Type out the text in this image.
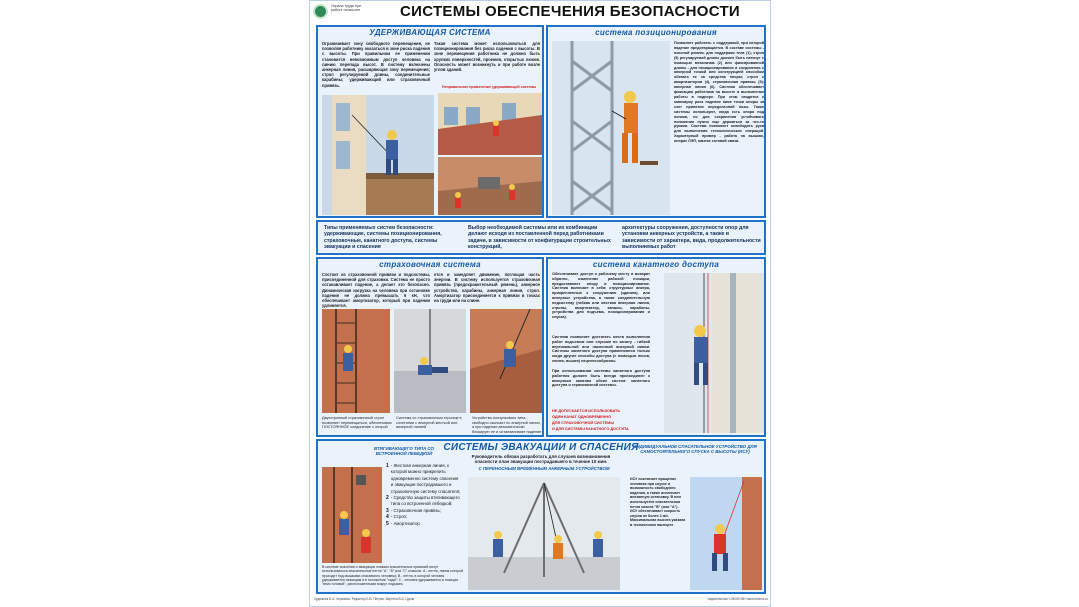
Охрана труда при работе на высоте	СИСТЕМЫ ОБЕСПЕЧЕНИЯ БЕЗОПАСНОСТИ
УДЕРЖИВАЮЩАЯ СИСТЕМА
Ограничивает зону свободного перемещения, не позволяя работнику оказаться в зоне риска падения с высоты. При правильном ее применении становится невозможным доступ человека на линию перепада высот. В систему включены анкерная линия, расширяющая зону перемещения; строп регулируемой длины, соединительные карабины; удерживающий или страховочный привязь.
Такая система может использоваться для позиционирования без риска падения с высоты. В зоне перемещения работника не должно быть хрупких поверхностей, проемов, открытых люков. Опасность может возникнуть и при работе возле углов зданий.
Неправильное применение удерживающей системы
система позиционирования
Позволяет работать с поддержкой, при которой падение предотвращается. В составе системы - поясной ремень для поддержки тела (1); строп (5) регулируемой длины должен быть натянут с помощью механизма (2) или фиксированной длины - для позиционирования и соединения с анкерной точкой или конструкцией способом обхвата ее за средства опоры; строп с амортизатором (4), страховочная привязь (5); анкерная линия (6). Система обеспечивает фиксацию работника на высоте и выполнение работы в подпоре. При этом сводится к минимуму риск падения ниже точки опоры за счет принятия определенной позы. Такие системы используют, когда есть опора под ногами, но для сохранения устойчивого положения нужно еще держаться за что-то руками. Система позволяет освободить руки для выполнения технологических операций. Характерный пример - работа на вышках, опорах ЛЭП, мачтах сотовой связи.
Типы применяемых систем безопасности: удерживающие, системы позиционирования, страховочные, канатного доступа, системы эвакуации и спасения
Выбор необходимой системы или их комбинации делают исходя из поставленной перед работниками задачи, в зависимости от конфигурации строительных конструкций,
архитектуры сооружения, доступности опор для установки анкерных устройств, а также в зависимости от характера, вида, продолжительности выполняемых работ
страховочная система
Состоит из страховочной привязи и подсистемы, присоединенной для страховки. Система не просто останавливает падение, а делает это безопасно. Динамическая нагрузка на человека при остановке падения не должна превышать 6 кН, что обеспечивает амортизатор, который при падении удлиняется.
ется и замедляет движение, поглощая часть энергии. В систему используется страховочная привязь (предохранительный ремень), анкерное устройство, карабины, анкерная линия, строп. Амортизатор присоединяется к привязи в точках на груди или на спине.
Двухстропный страховочный строп позволяет перемещаться, обеспечивая ПОСТОЯННОЕ соединение с опорой
Система со страховочным стропом в сочетании с анкерной жесткой или анкерной линией
Устройство ползункового типа свободно скользит по анкерной линии, а при падении автоматически блокирует ее и останавливает падение
система канатного доступа
Обеспечивает доступ к рабочему месту и возврат обратно, изменение рабочей позиции, предоставляет опору и позиционирование. Система включает в себя: структурные анкера, прикрепленные к сооружению (зданию), или анкерные устройства, а также соединительную подсистему (гибкая или жесткая анкерная линия, стропы, амортизатор, каналы, карабины, устройства для подъема, позиционирования и спуска).
Система позволяет достигать места выполнения работ подъемом или спуском по канату - гибкой вертикальной или наклонной анкерной линии. Системы канатного доступа применяются только когда другие способы доступа (с помощью лесов, люлек, вышек) нецелесообразны.
При использовании системы канатного доступа работник должен быть всегда присоединен к анкерным канатам обеих систем: канатного доступа и страховочной системы.
НЕ ДОПУСКАЕТСЯ ИСПОЛЬЗОВАТЬ
ОДИН КАНАТ ОДНОВРЕМЕННО
ДЛЯ СТРАХОВОЧНОЙ СИСТЕМЫ
И ДЛЯ СИСТЕМЫ КАНАТНОГО ДОСТУПА
СИСТЕМЫ ЭВАКУАЦИИ И СПАСЕНИЯ
ВТЯГИВАЮЩЕГО ТИПА СО ВСТРОЕННОЙ ЛЕБЕДКОЙ
Руководитель обязан разработать для случаев возникновения опасности план эвакуации пострадавшего в течение 10 мин.
С ПЕРЕНОСНЫМ ВРЕМЕННЫМ АНКЕРНЫМ УСТРОЙСТВОМ
ИНДИВИДУАЛЬНОЕ СПАСАТЕЛЬНОЕ УСТРОЙСТВО ДЛЯ САМОСТОЯТЕЛЬНОГО СПУСКА С ВЫСОТЫ (ИСУ)
1 - Жесткая анкерная линия, к которой можно прикрепить одновременно систему спасения и эвакуации пострадавшего и страховочную систему спасателя;
2 - Средство защиты втягивающего типа со встроенной лебедкой;
3 - Страховочная привязь;
4 - Строп;
5 - Амортизатор
В системе спасения и эвакуации помимо спасательных привязей могут использоваться спасательные петли "А", "В" или "С" классов. А - петля, линия которой проходит под мышками спасаемого человека; В - петля, в которой человек удерживается лежащим и в положении "сидя"; С - человек удерживается в позиции "вниз головой", расположенными вокруг лодыжек.
ИСУ исключает вращение человека при спуске и возможность свободного падения, а также исключает внезапную остановку. В нем используется спасательная петля класса "В" (или "А"). ИСУ обеспечивает скорость спуска не более 2 м/с. Максимальная высота указана в техническом паспорте
Художник Б.А. Черкасов. Редактор Б.В. Петров. Верстка В.В. Цуков	Издательство «ЭКОНОВ» www.econov.ru
